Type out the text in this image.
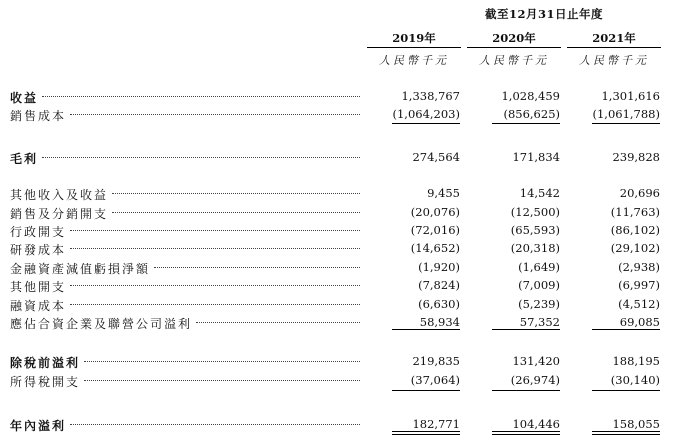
截至12月31日止年度
2019年	2020年	2021年
人民幣千元	人民幣千元	人民幣千元
收益	1,338,767	1,028,459	1,301,616
銷售成本	(1,064,203)	(856,625)	(1,061,788)
毛利	274,564	171,834	239,828
其他收入及收益	9,455	14,542	20,696
銷售及分銷開支	(20,076)	(12,500)	(11,763)
行政開支	(72,016)	(65,593)	(86,102)
研發成本	(14,652)	(20,318)	(29,102)
金融資產減值虧損淨額	(1,920)	(1,649)	(2,938)
其他開支	(7,824)	(7,009)	(6,997)
融資成本	(6,630)	(5,239)	(4,512)
應佔合資企業及聯營公司溢利	58,934	57,352	69,085
除稅前溢利	219,835	131,420	188,195
所得稅開支	(37,064)	(26,974)	(30,140)
年內溢利	182,771	104,446	158,055
